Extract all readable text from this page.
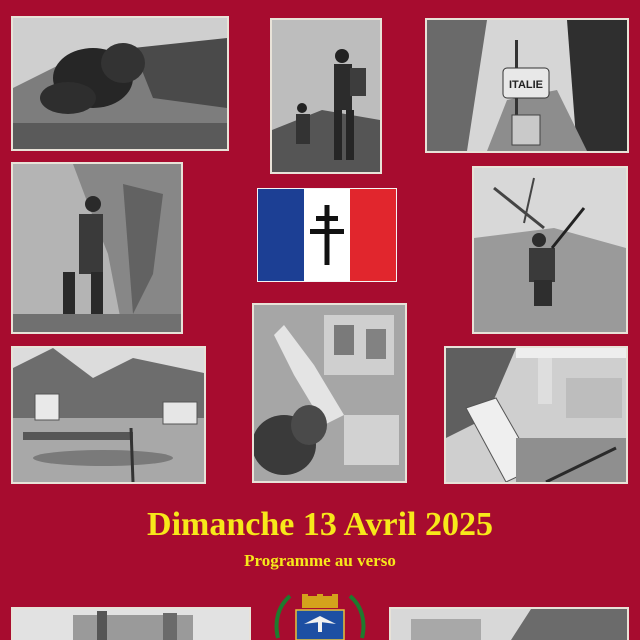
ITALIE
Dimanche 13 Avril 2025
Programme au verso
